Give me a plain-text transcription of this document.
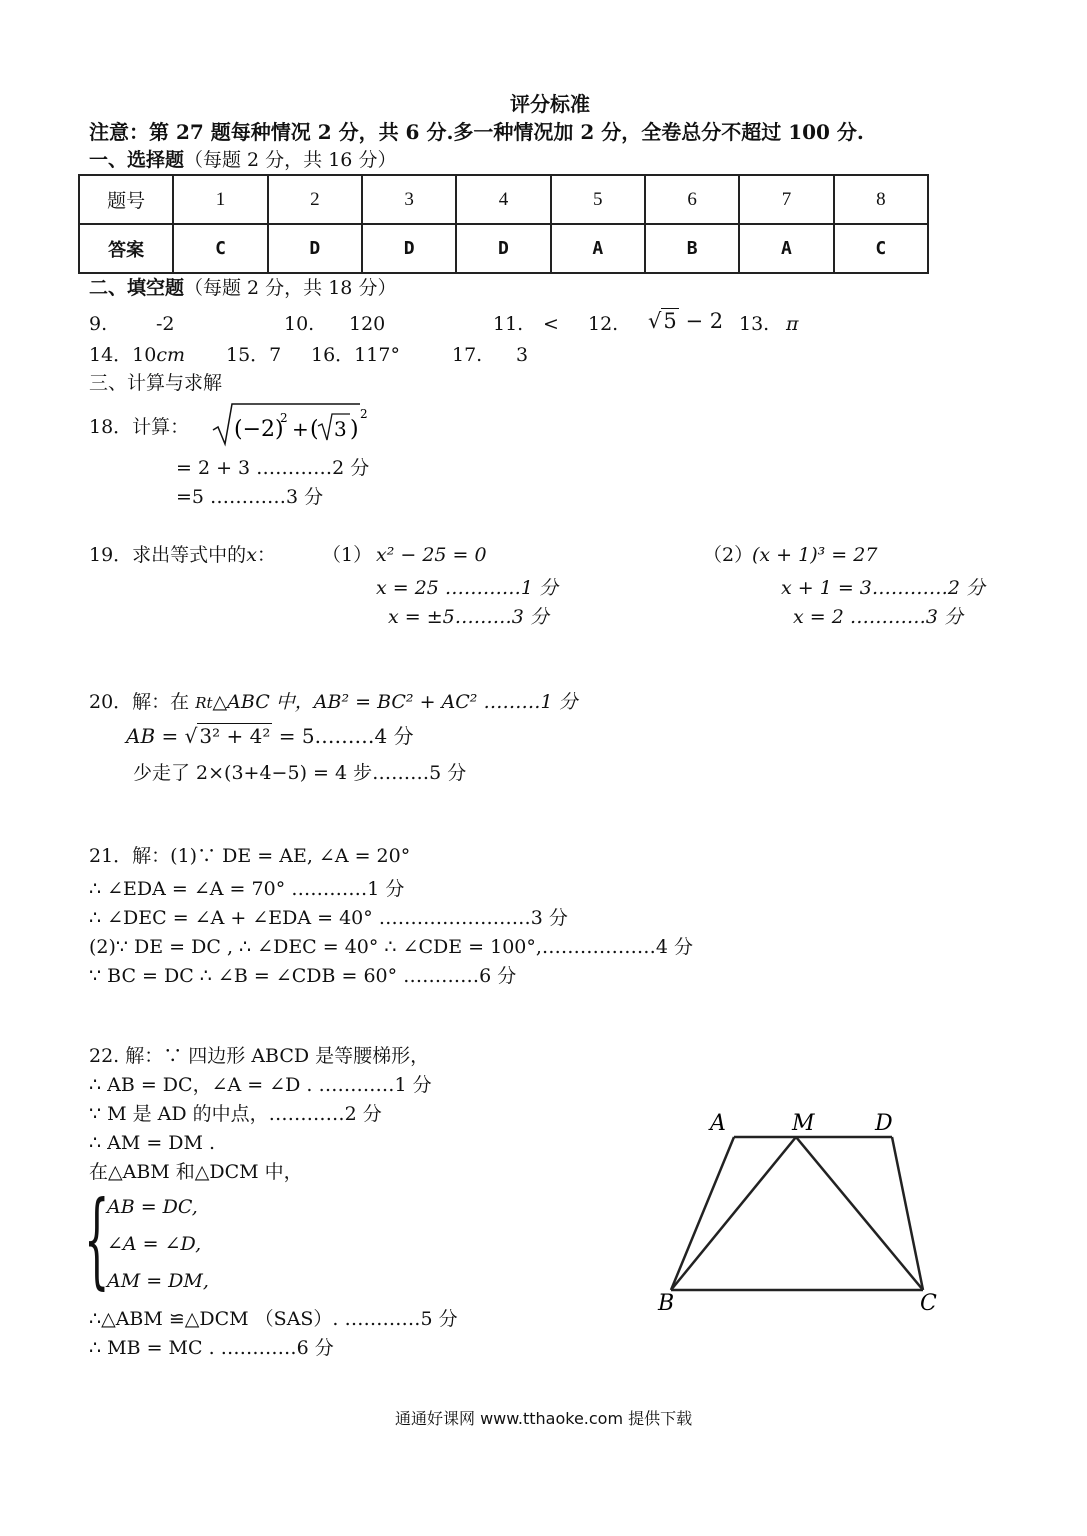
评分标准
注意：第 27 题每种情况 2 分，共 6 分.多一种情况加 2 分，全卷总分不超过 100 分.
一、选择题（每题 2 分，共 16 分）
题号	1	2	3	4	5	6	7	8
答案	C	D	D	D	A	B	A	C
二、填空题（每题 2 分，共 18 分）
9.	-2	10. 120	11. < 12. √5 − 2 13. π
14．10cm 15．7 16．117°	17. 3
三、计算与求解
18．计算： (−2)
2 + ( 3 )
2
= 2 + 3 …………2 分
=5 …………3 分
19．求出等式中的x： （1） x² − 25 = 0
x = 25 …………1 分
x = ±5………3 分
（2）
(x + 1)³ = 27
x + 1 = 3…………2 分
x = 2 …………3 分
20．解：在 Rt△ABC 中，AB² = BC² + AC² ………1 分
AB = √ 3² + 4² = 5………4 分
少走了 2×(3+4−5) = 4 步………5 分
21．解：(1)∵ DE = AE, ∠A = 20°
∴ ∠EDA = ∠A = 70° …………1 分
∴ ∠DEC = ∠A + ∠EDA = 40° ……………………3 分
(2)∵ DE = DC , ∴ ∠DEC = 40° ∴ ∠CDE = 100°,………………4 分
∵ BC = DC ∴ ∠B = ∠CDB = 60° …………6 分
22. 解：∵ 四边形 ABCD 是等腰梯形，
∴ AB = DC，∠A = ∠D . …………1 分
∵ M 是 AD 的中点，…………2 分
∴ AM = DM .
在△ABM 和△DCM 中，
{
AB = DC,
∠A = ∠D,
AM = DM,
∴△ABM ≌△DCM （SAS）. …………5 分
∴ MB = MC . …………6 分
A	M	D
B	C
通通好课网 www.tthaoke.com 提供下载
